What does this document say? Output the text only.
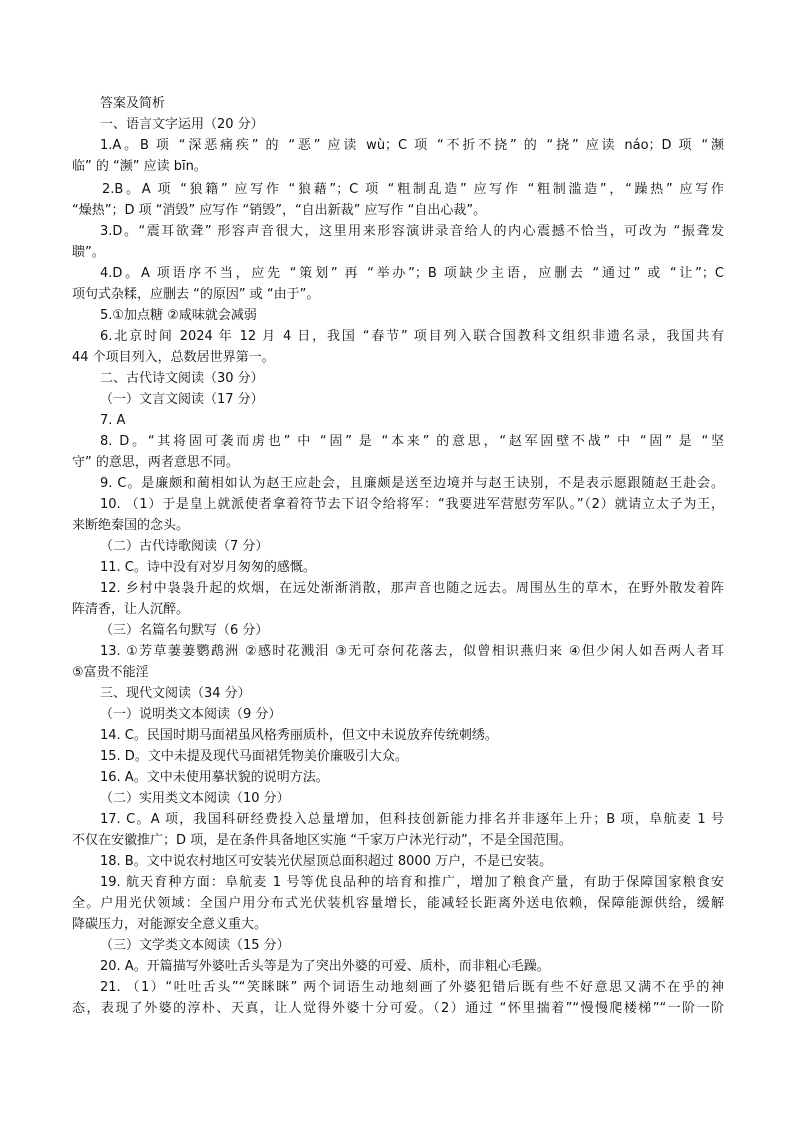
答案及简析
一、语言文字运用（20 分）
1.A。B 项 “深恶痛疾” 的 “恶” 应读 wù；C 项 “不折不挠” 的 “挠” 应读 náo；D 项 “濒
临” 的 “濒” 应读 bīn。
2.B。A 项 “狼籍” 应写作 “狼藉”；C 项 “粗制乱造” 应写作 “粗制滥造”，“躁热” 应写作
“燥热”；D 项 “消毁” 应写作 “销毁”，“自出新裁” 应写作 “自出心裁”。
3.D。“震耳欲聋” 形容声音很大，这里用来形容演讲录音给人的内心震撼不恰当，可改为 “振聋发
聩”。
4.D。A 项语序不当，应先 “策划” 再 “举办”；B 项缺少主语，应删去 “通过” 或 “让”；C
项句式杂糅，应删去 “的原因” 或 “由于”。
5.①加点糖 ②咸味就会减弱
6.北京时间 2024 年 12 月 4 日，我国 “春节” 项目列入联合国教科文组织非遗名录，我国共有
44 个项目列入，总数居世界第一。
二、古代诗文阅读（30 分）
（一）文言文阅读（17 分）
7. A
8. D。“其将固可袭而虏也” 中 “固” 是 “本来” 的意思，“赵军固壁不战” 中 “固” 是 “坚
守” 的意思，两者意思不同。
9. C。是廉颇和蔺相如认为赵王应赴会，且廉颇是送至边境并与赵王诀别，不是表示愿跟随赵王赴会。
10. （1）于是皇上就派使者拿着符节去下诏令给将军：“我要进军营慰劳军队。”（2）就请立太子为王，
来断绝秦国的念头。
（二）古代诗歌阅读（7 分）
11. C。诗中没有对岁月匆匆的感慨。
12. 乡村中袅袅升起的炊烟，在远处渐渐消散，那声音也随之远去。周围丛生的草木，在野外散发着阵
阵清香，让人沉醉。
（三）名篇名句默写（6 分）
13. ①芳草萋萋鹦鹉洲 ②感时花溅泪 ③无可奈何花落去，似曾相识燕归来 ④但少闲人如吾两人者耳
⑤富贵不能淫
三、现代文阅读（34 分）
（一）说明类文本阅读（9 分）
14. C。民国时期马面裙虽风格秀丽质朴，但文中未说放弃传统刺绣。
15. D。文中未提及现代马面裙凭物美价廉吸引大众。
16. A。文中未使用摹状貌的说明方法。
（二）实用类文本阅读（10 分）
17. C。A 项，我国科研经费投入总量增加，但科技创新能力排名并非逐年上升；B 项，阜航麦 1 号
不仅在安徽推广；D 项，是在条件具备地区实施 “千家万户沐光行动”，不是全国范围。
18. B。文中说农村地区可安装光伏屋顶总面积超过 8000 万户，不是已安装。
19. 航天育种方面：阜航麦 1 号等优良品种的培育和推广，增加了粮食产量，有助于保障国家粮食安
全。户用光伏领域：全国户用分布式光伏装机容量增长，能减轻长距离外送电依赖，保障能源供给，缓解
降碳压力，对能源安全意义重大。
（三）文学类文本阅读（15 分）
20. A。开篇描写外婆吐舌头等是为了突出外婆的可爱、质朴，而非粗心毛躁。
21. （1）“吐吐舌头”“笑眯眯” 两个词语生动地刻画了外婆犯错后既有些不好意思又满不在乎的神
态，表现了外婆的淳朴、天真，让人觉得外婆十分可爱。（2）通过 “怀里揣着”“慢慢爬楼梯”“一阶一阶
